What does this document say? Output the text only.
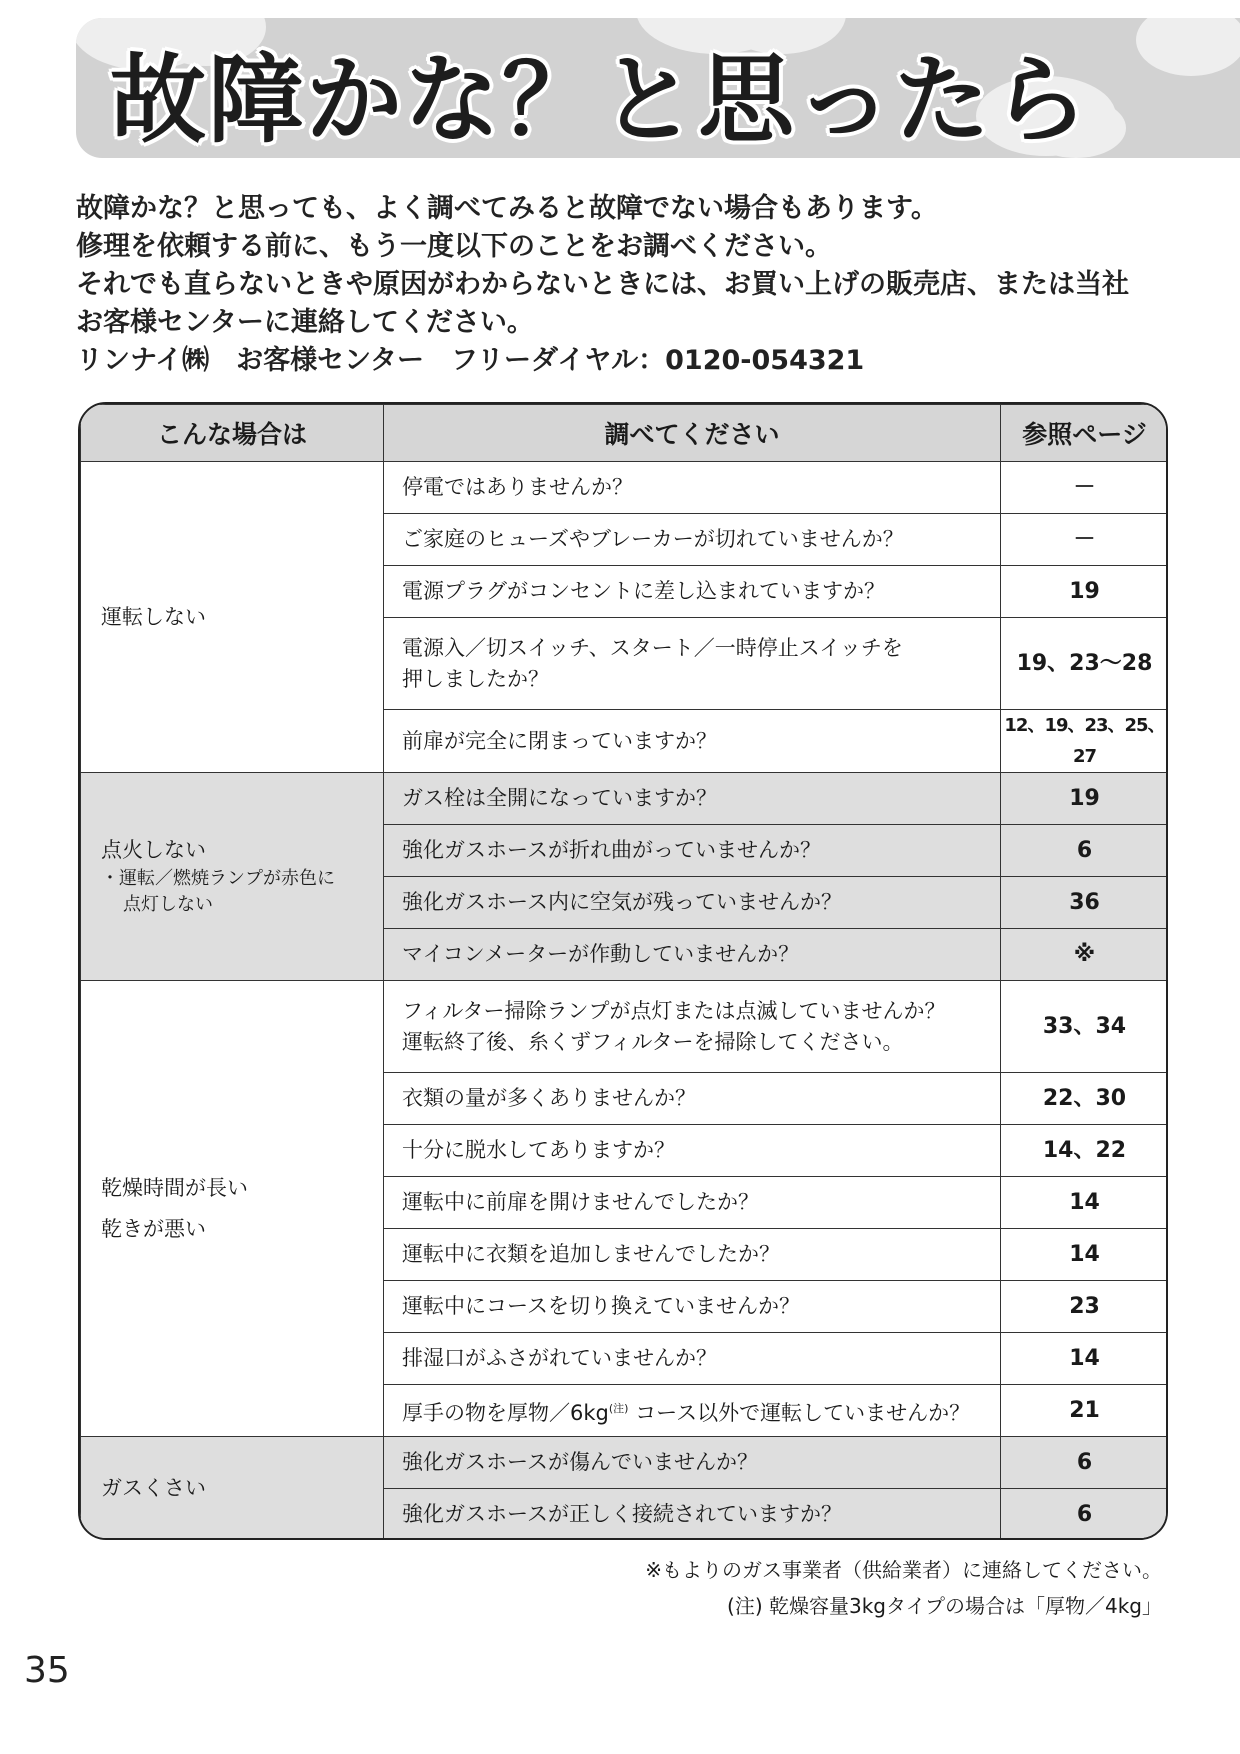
故障かな？と思ったら

故障かな？と思っても、よく調べてみると故障でない場合もあります。

修理を依頼する前に、もう一度以下のことをお調べください。

それでも直らないときや原因がわからないときには、お買い上げの販売店、または当社

お客様センターに連絡してください。

リンナイ㈱　お客様センター　フリーダイヤル：0120-054321

こんな場合は	調べてください	参照ページ

運転しない	停電ではありませんか？	－
	ご家庭のヒューズやブレーカーが切れていませんか？	－
	電源プラグがコンセントに差し込まれていますか？	19

	電源入／切スイッチ、スタート／一時停止スイッチを
押しましたか？	19、23～28
	前扉が完全に閉まっていますか？	12、19、23、25、27

点火しない
・運転／燃焼ランプが赤色に
点灯しない	ガス栓は全開になっていますか？	19
	強化ガスホースが折れ曲がっていませんか？	6
	強化ガスホース内に空気が残っていませんか？	36
	マイコンメーターが作動していませんか？	※

乾燥時間が長い
乾きが悪い	フィルター掃除ランプが点灯または点滅していませんか？
運転終了後、糸くずフィルターを掃除してください。	33、34
	衣類の量が多くありませんか？	22、30
	十分に脱水してありますか？	14、22
	運転中に前扉を開けませんでしたか？	14
	運転中に衣類を追加しませんでしたか？	14
	運転中にコースを切り換えていませんか？	23
	排湿口がふさがれていませんか？	14
	厚手の物を厚物$/6kg^{(注)}$ コース以外で運転していませんか？	21

ガスくさい	強化ガスホースが傷んでいませんか？	6
	強化ガスホースが正しく接続されていますか？	6

※もよりのガス事業者（供給業者）に連絡してください。

(注) 乾燥容量3kgタイプの場合は「厚物／4kg」

35
